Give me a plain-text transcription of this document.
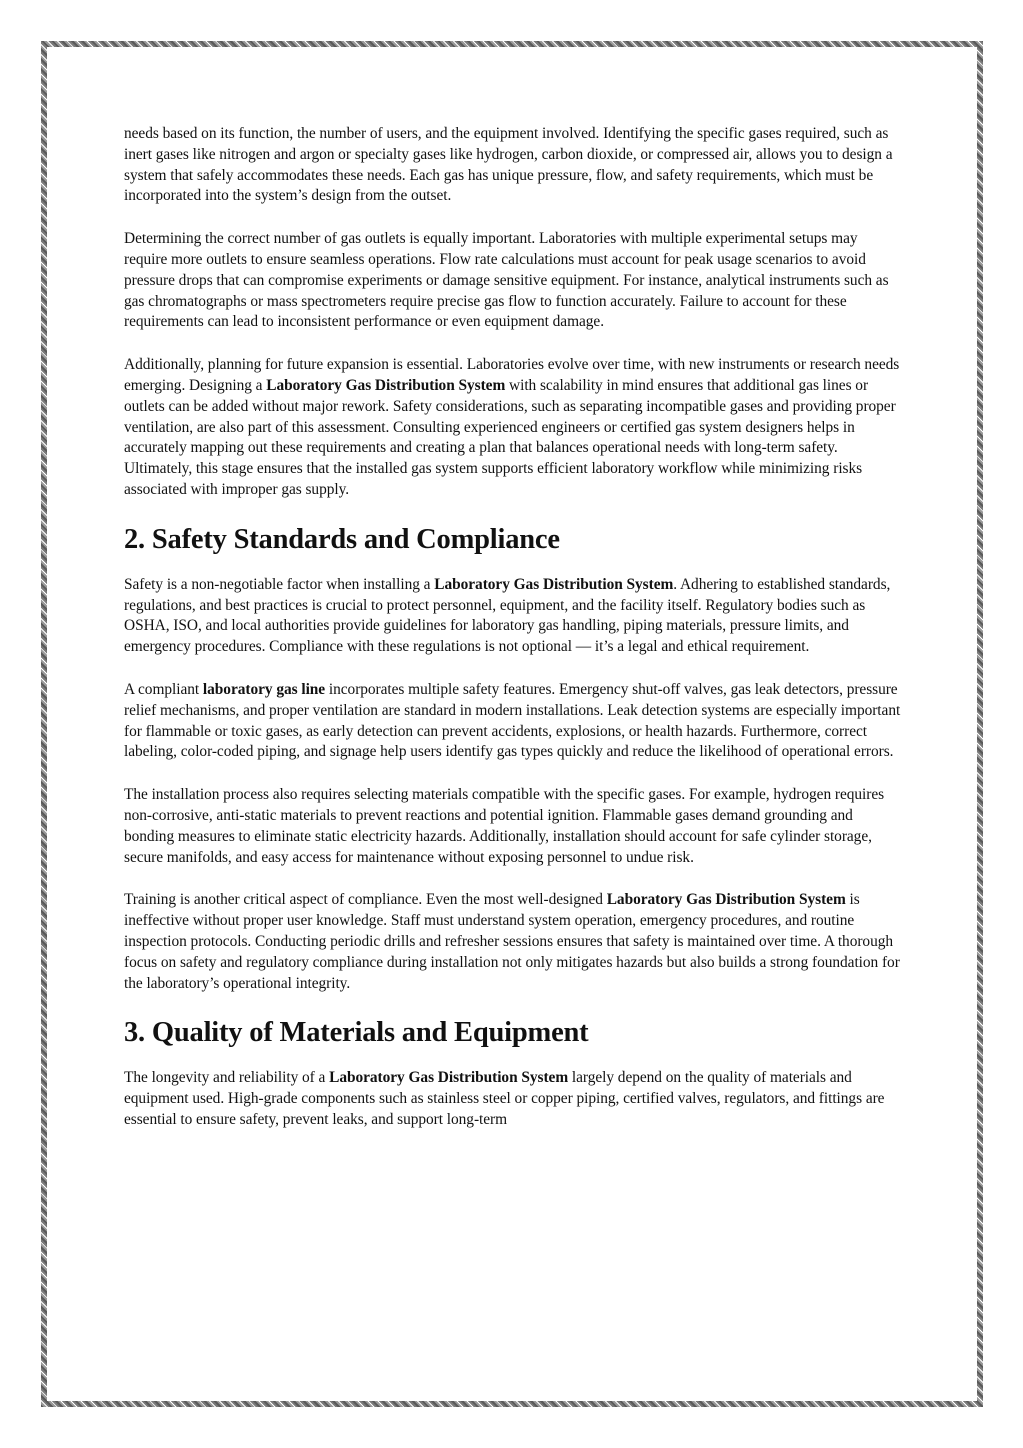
needs based on its function, the number of users, and the equipment involved. Identifying the specific gases required, such as inert gases like nitrogen and argon or specialty gases like hydrogen, carbon dioxide, or compressed air, allows you to design a system that safely accommodates these needs. Each gas has unique pressure, flow, and safety requirements, which must be incorporated into the system’s design from the outset.

Determining the correct number of gas outlets is equally important. Laboratories with multiple experimental setups may require more outlets to ensure seamless operations. Flow rate calculations must account for peak usage scenarios to avoid pressure drops that can compromise experiments or damage sensitive equipment. For instance, analytical instruments such as gas chromatographs or mass spectrometers require precise gas flow to function accurately. Failure to account for these requirements can lead to inconsistent performance or even equipment damage.

Additionally, planning for future expansion is essential. Laboratories evolve over time, with new instruments or research needs emerging. Designing a Laboratory Gas Distribution System with scalability in mind ensures that additional gas lines or outlets can be added without major rework. Safety considerations, such as separating incompatible gases and providing proper ventilation, are also part of this assessment. Consulting experienced engineers or certified gas system designers helps in accurately mapping out these requirements and creating a plan that balances operational needs with long-term safety. Ultimately, this stage ensures that the installed gas system supports efficient laboratory workflow while minimizing risks associated with improper gas supply.

2. Safety Standards and Compliance

Safety is a non-negotiable factor when installing a Laboratory Gas Distribution System. Adhering to established standards, regulations, and best practices is crucial to protect personnel, equipment, and the facility itself. Regulatory bodies such as OSHA, ISO, and local authorities provide guidelines for laboratory gas handling, piping materials, pressure limits, and emergency procedures. Compliance with these regulations is not optional — it’s a legal and ethical requirement.

A compliant laboratory gas line incorporates multiple safety features. Emergency shut-off valves, gas leak detectors, pressure relief mechanisms, and proper ventilation are standard in modern installations. Leak detection systems are especially important for flammable or toxic gases, as early detection can prevent accidents, explosions, or health hazards. Furthermore, correct labeling, color-coded piping, and signage help users identify gas types quickly and reduce the likelihood of operational errors.

The installation process also requires selecting materials compatible with the specific gases. For example, hydrogen requires non-corrosive, anti-static materials to prevent reactions and potential ignition. Flammable gases demand grounding and bonding measures to eliminate static electricity hazards. Additionally, installation should account for safe cylinder storage, secure manifolds, and easy access for maintenance without exposing personnel to undue risk.

Training is another critical aspect of compliance. Even the most well-designed Laboratory Gas Distribution System is ineffective without proper user knowledge. Staff must understand system operation, emergency procedures, and routine inspection protocols. Conducting periodic drills and refresher sessions ensures that safety is maintained over time. A thorough focus on safety and regulatory compliance during installation not only mitigates hazards but also builds a strong foundation for the laboratory’s operational integrity.

3. Quality of Materials and Equipment

The longevity and reliability of a Laboratory Gas Distribution System largely depend on the quality of materials and equipment used. High-grade components such as stainless steel or copper piping, certified valves, regulators, and fittings are essential to ensure safety, prevent leaks, and support long-term
